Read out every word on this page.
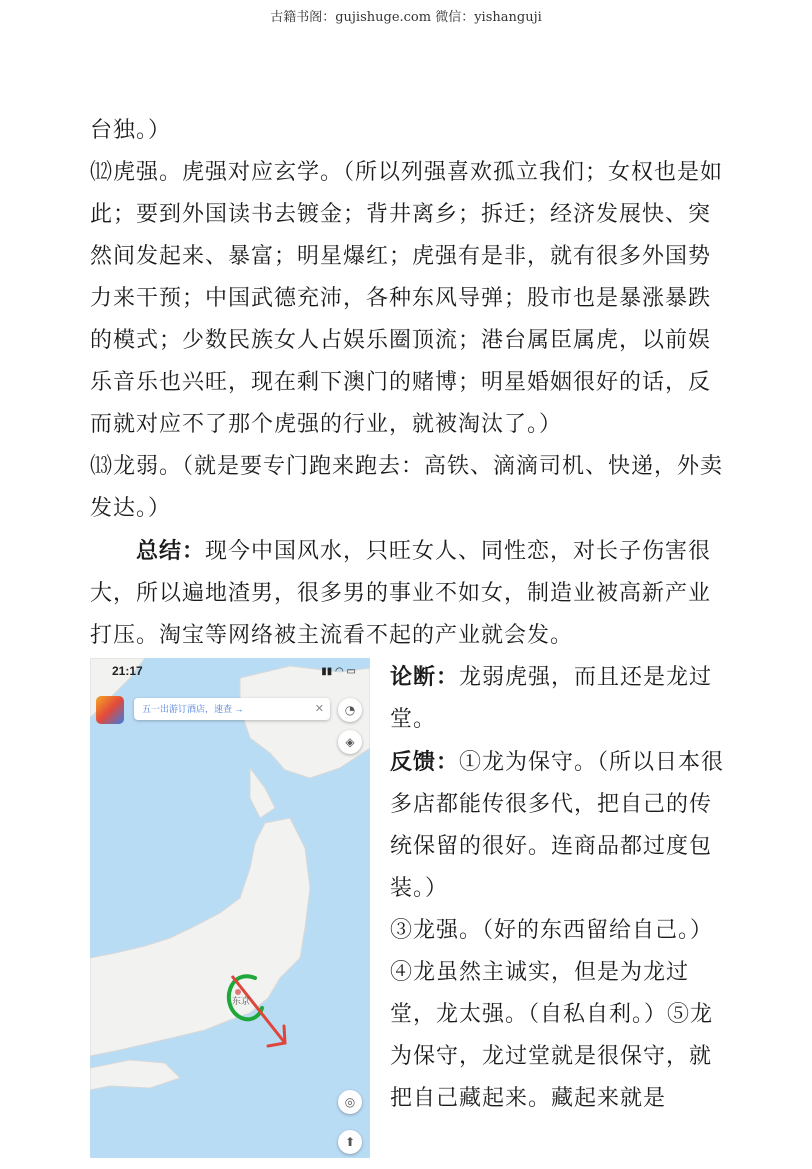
古籍书阁：gujishuge.com 微信：yishanguji

台独。）

⑿虎强。虎强对应玄学。（所以列强喜欢孤立我们；女权也是如此；要到外国读书去镀金；背井离乡；拆迁；经济发展快、突然间发起来、暴富；明星爆红；虎强有是非，就有很多外国势力来干预；中国武德充沛，各种东风导弹；股市也是暴涨暴跌的模式；少数民族女人占娱乐圈顶流；港台属臣属虎，以前娱乐音乐也兴旺，现在剩下澳门的赌博；明星婚姻很好的话，反而就对应不了那个虎强的行业，就被淘汰了。）

⒀龙弱。（就是要专门跑来跑去：高铁、滴滴司机、快递，外卖发达。）

总结：现今中国风水，只旺女人、同性恋，对长子伤害很大，所以遍地渣男，很多男的事业不如女，制造业被高新产业打压。淘宝等网络被主流看不起的产业就会发。

21:17	▮▮ ◠ ▭
五一出游订酒店，速查 →	✕	◔
◈
◎
⬆
东京

论断：龙弱虎强，而且还是龙过堂。

反馈：①龙为保守。（所以日本很多店都能传很多代，把自己的传统保留的很好。连商品都过度包装。）

③龙强。（好的东西留给自己。）

④龙虽然主诚实，但是为龙过堂，龙太强。（自私自利。）⑤龙为保守，龙过堂就是很保守，就把自己藏起来。藏起来就是
